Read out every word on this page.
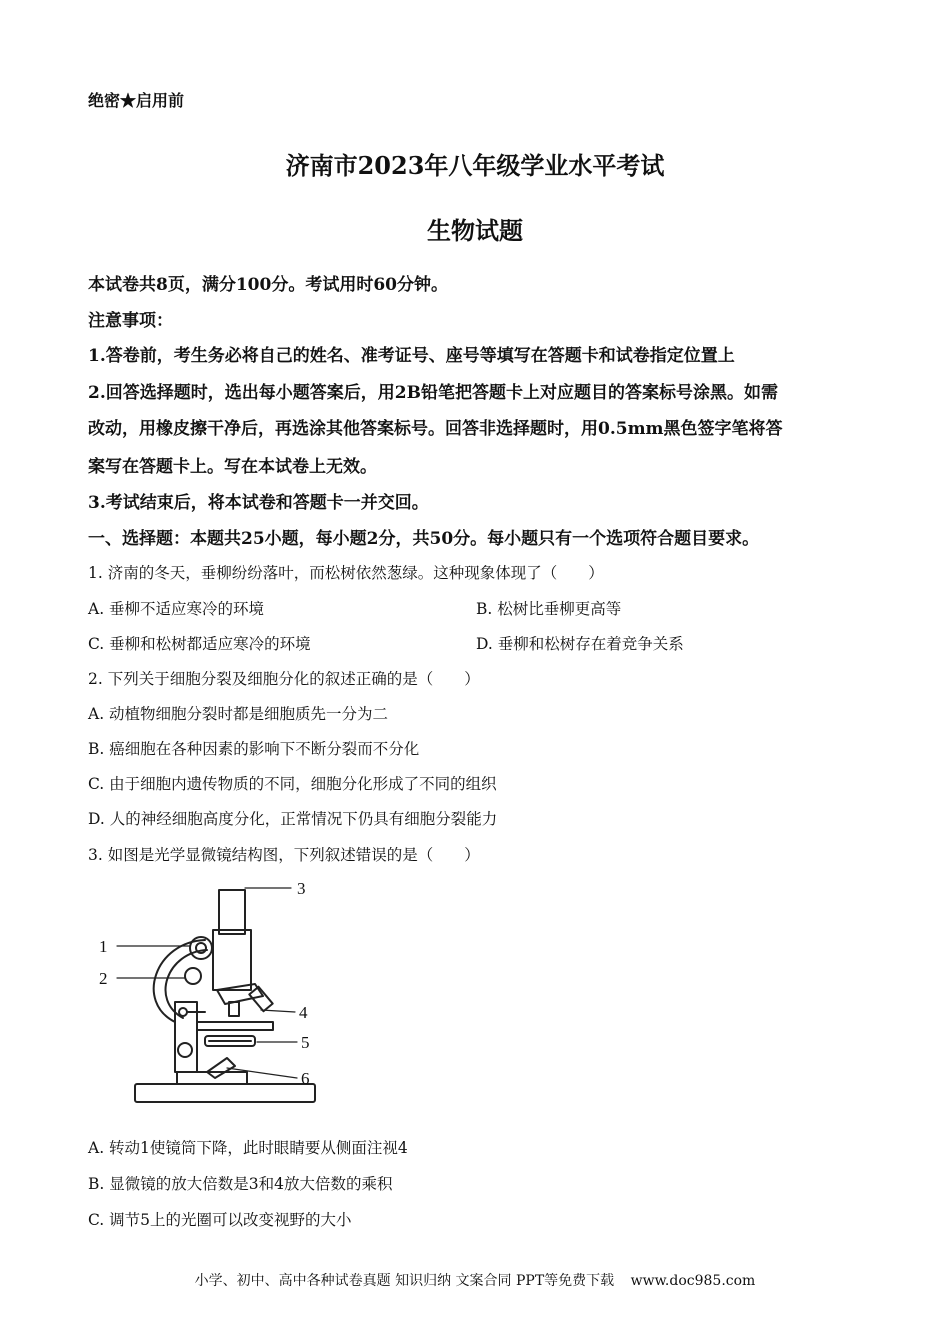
绝密★启用前
济南市2023年八年级学业水平考试
生物试题
本试卷共8页，满分100分。考试用时60分钟。
注意事项：
1.答卷前，考生务必将自己的姓名、准考证号、座号等填写在答题卡和试卷指定位置上
2.回答选择题时，选出每小题答案后，用2B铅笔把答题卡上对应题目的答案标号涂黑。如需
改动，用橡皮擦干净后，再选涂其他答案标号。回答非选择题时，用0.5mm黑色签字笔将答
案写在答题卡上。写在本试卷上无效。
3.考试结束后，将本试卷和答题卡一并交回。
一、选择题：本题共25小题，每小题2分，共50分。每小题只有一个选项符合题目要求。
1. 济南的冬天，垂柳纷纷落叶，而松树依然葱绿。这种现象体现了（　　）
A. 垂柳不适应寒冷的环境	B. 松树比垂柳更高等
C. 垂柳和松树都适应寒冷的环境	D. 垂柳和松树存在着竞争关系
2. 下列关于细胞分裂及细胞分化的叙述正确的是（　　）
A. 动植物细胞分裂时都是细胞质先一分为二
B. 癌细胞在各种因素的影响下不断分裂而不分化
C. 由于细胞内遗传物质的不同，细胞分化形成了不同的组织
D. 人的神经细胞高度分化，正常情况下仍具有细胞分裂能力
3. 如图是光学显微镜结构图，下列叙述错误的是（　　）
3
1
2
4
5
6
A. 转动1使镜筒下降，此时眼睛要从侧面注视4
B. 显微镜的放大倍数是3和4放大倍数的乘积
C. 调节5上的光圈可以改变视野的大小
小学、初中、高中各种试卷真题 知识归纳 文案合同 PPT等免费下载 www.doc985.com
